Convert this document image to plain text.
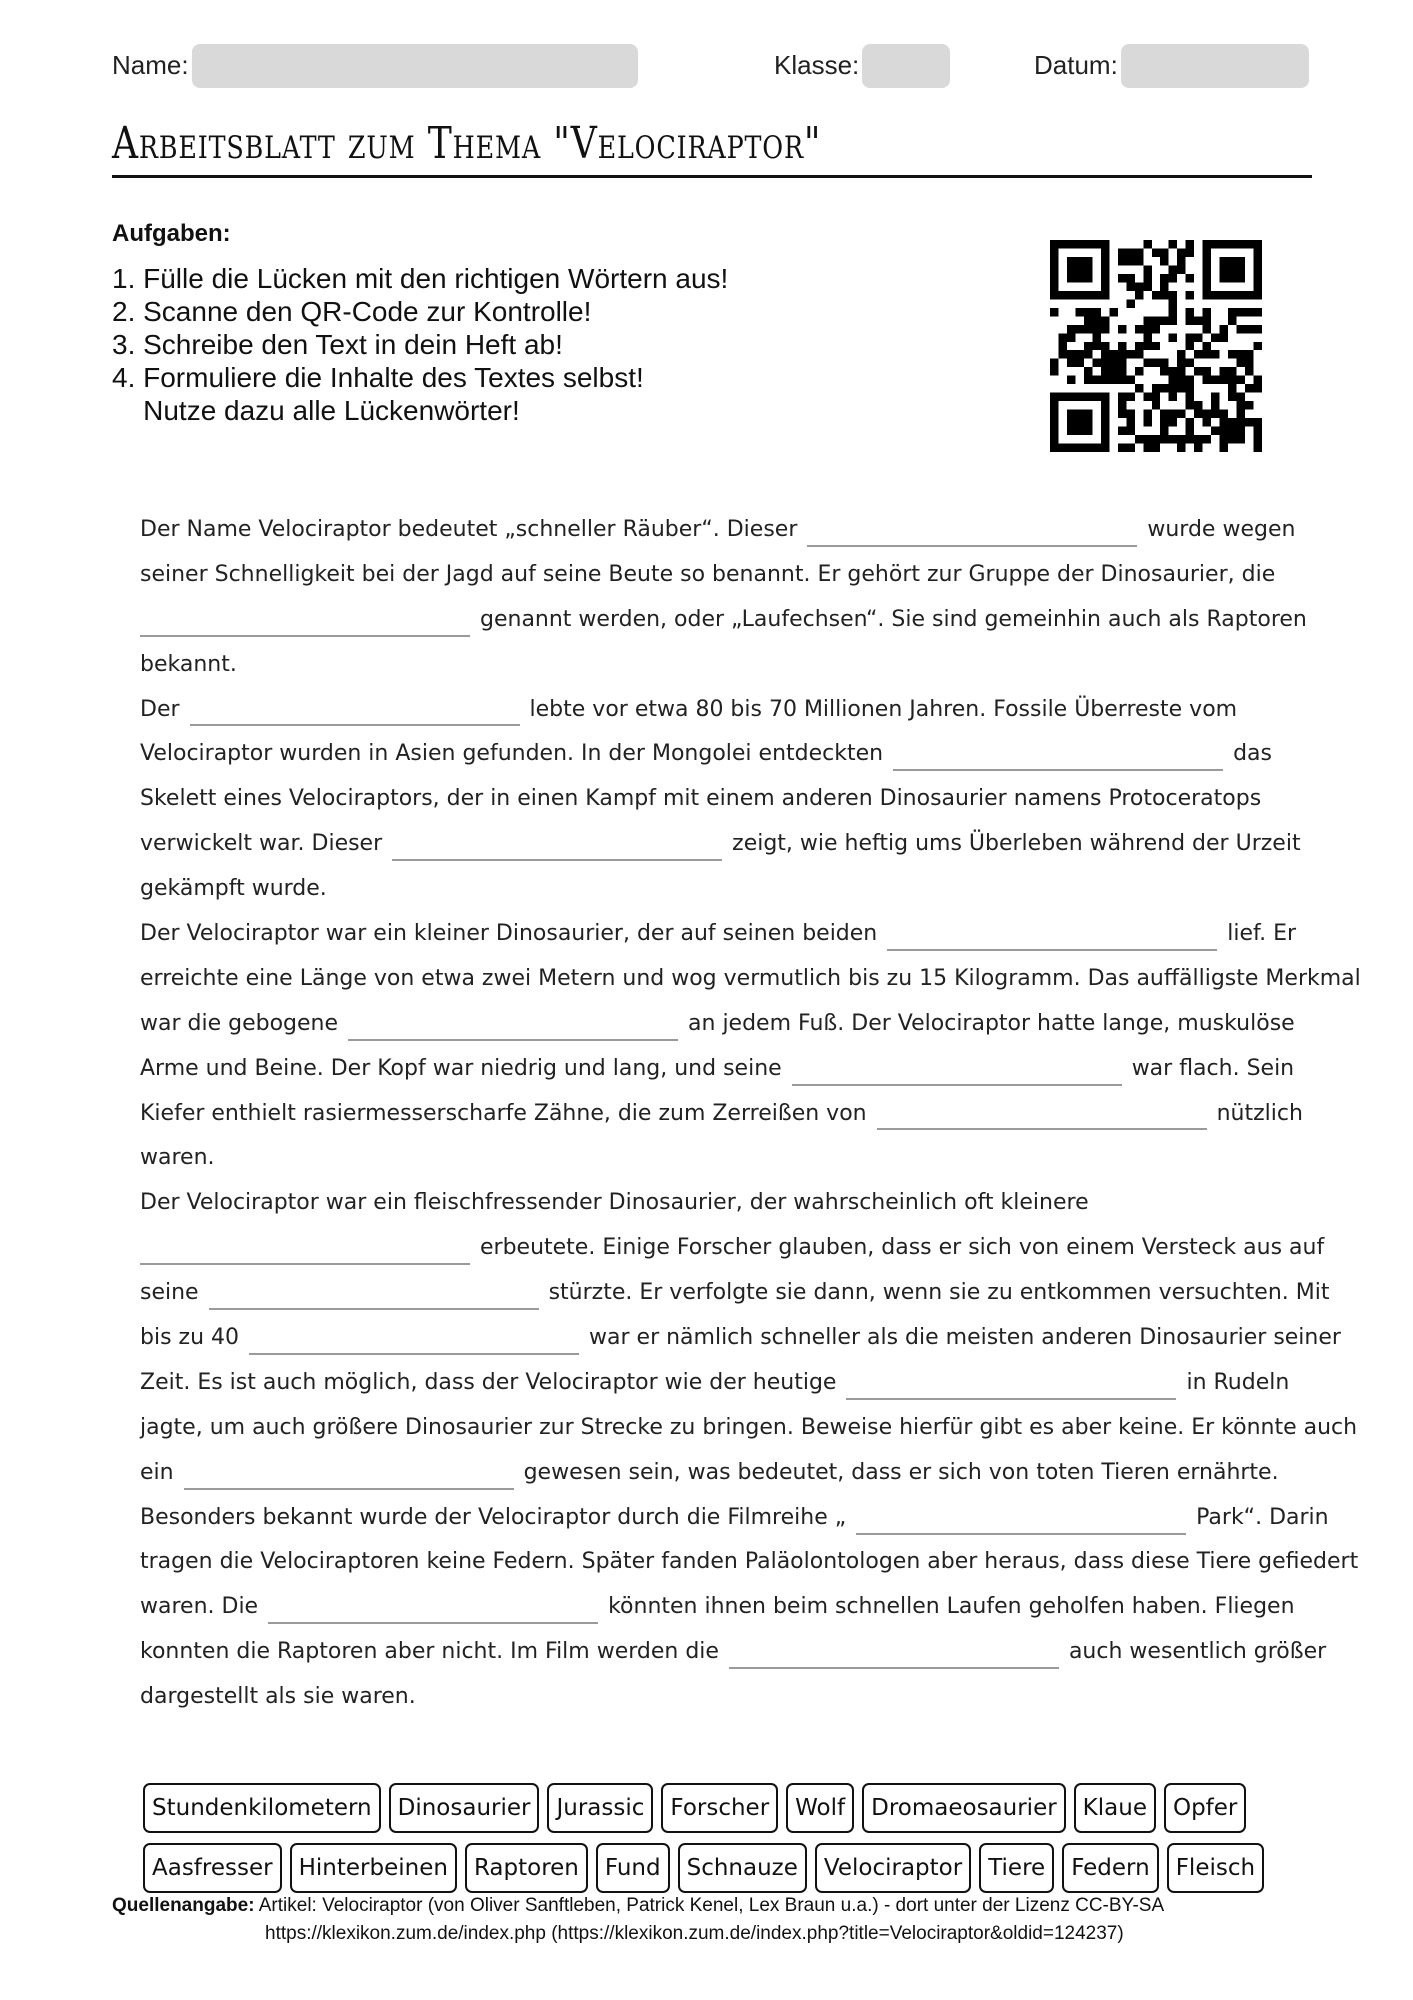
Name:	Klasse:	Datum:
Arbeitsblatt zum Thema "Velociraptor"
Aufgaben:
1. Fülle die Lücken mit den richtigen Wörtern aus!
2. Scanne den QR-Code zur Kontrolle!
3. Schreibe den Text in dein Heft ab!
4. Formuliere die Inhalte des Textes selbst!
Nutze dazu alle Lückenwörter!
Der Name Velociraptor bedeutet „schneller Räuber“. Dieser	wurde wegen
seiner Schnelligkeit bei der Jagd auf seine Beute so benannt. Er gehört zur Gruppe der Dinosaurier, die
genannt werden, oder „Laufechsen“. Sie sind gemeinhin auch als Raptoren
bekannt.
Der	lebte vor etwa 80 bis 70 Millionen Jahren. Fossile Überreste vom
Velociraptor wurden in Asien gefunden. In der Mongolei entdeckten	das
Skelett eines Velociraptors, der in einen Kampf mit einem anderen Dinosaurier namens Protoceratops
verwickelt war. Dieser	zeigt, wie heftig ums Überleben während der Urzeit
gekämpft wurde.
Der Velociraptor war ein kleiner Dinosaurier, der auf seinen beiden	lief. Er
erreichte eine Länge von etwa zwei Metern und wog vermutlich bis zu 15 Kilogramm. Das auffälligste Merkmal
war die gebogene	an jedem Fuß. Der Velociraptor hatte lange, muskulöse
Arme und Beine. Der Kopf war niedrig und lang, und seine	war flach. Sein
Kiefer enthielt rasiermesserscharfe Zähne, die zum Zerreißen von	nützlich
waren.
Der Velociraptor war ein fleischfressender Dinosaurier, der wahrscheinlich oft kleinere
erbeutete. Einige Forscher glauben, dass er sich von einem Versteck aus auf
seine	stürzte. Er verfolgte sie dann, wenn sie zu entkommen versuchten. Mit
bis zu 40	war er nämlich schneller als die meisten anderen Dinosaurier seiner
Zeit. Es ist auch möglich, dass der Velociraptor wie der heutige	in Rudeln
jagte, um auch größere Dinosaurier zur Strecke zu bringen. Beweise hierfür gibt es aber keine. Er könnte auch
ein	gewesen sein, was bedeutet, dass er sich von toten Tieren ernährte.
Besonders bekannt wurde der Velociraptor durch die Filmreihe „	Park“. Darin
tragen die Velociraptoren keine Federn. Später fanden Paläolontologen aber heraus, dass diese Tiere gefiedert
waren. Die	könnten ihnen beim schnellen Laufen geholfen haben. Fliegen
konnten die Raptoren aber nicht. Im Film werden die	auch wesentlich größer
dargestellt als sie waren.
Stundenkilometern	Dinosaurier	Jurassic	Forscher	Wolf	Dromaeosaurier	Klaue	Opfer
Aasfresser	Hinterbeinen	Raptoren	Fund	Schnauze	Velociraptor	Tiere	Federn	Fleisch
Quellenangabe: Artikel: Velociraptor (von Oliver Sanftleben, Patrick Kenel, Lex Braun u.a.) - dort unter der Lizenz CC-BY-SA
https://klexikon.zum.de/index.php (https://klexikon.zum.de/index.php?title=Velociraptor&oldid=124237)
